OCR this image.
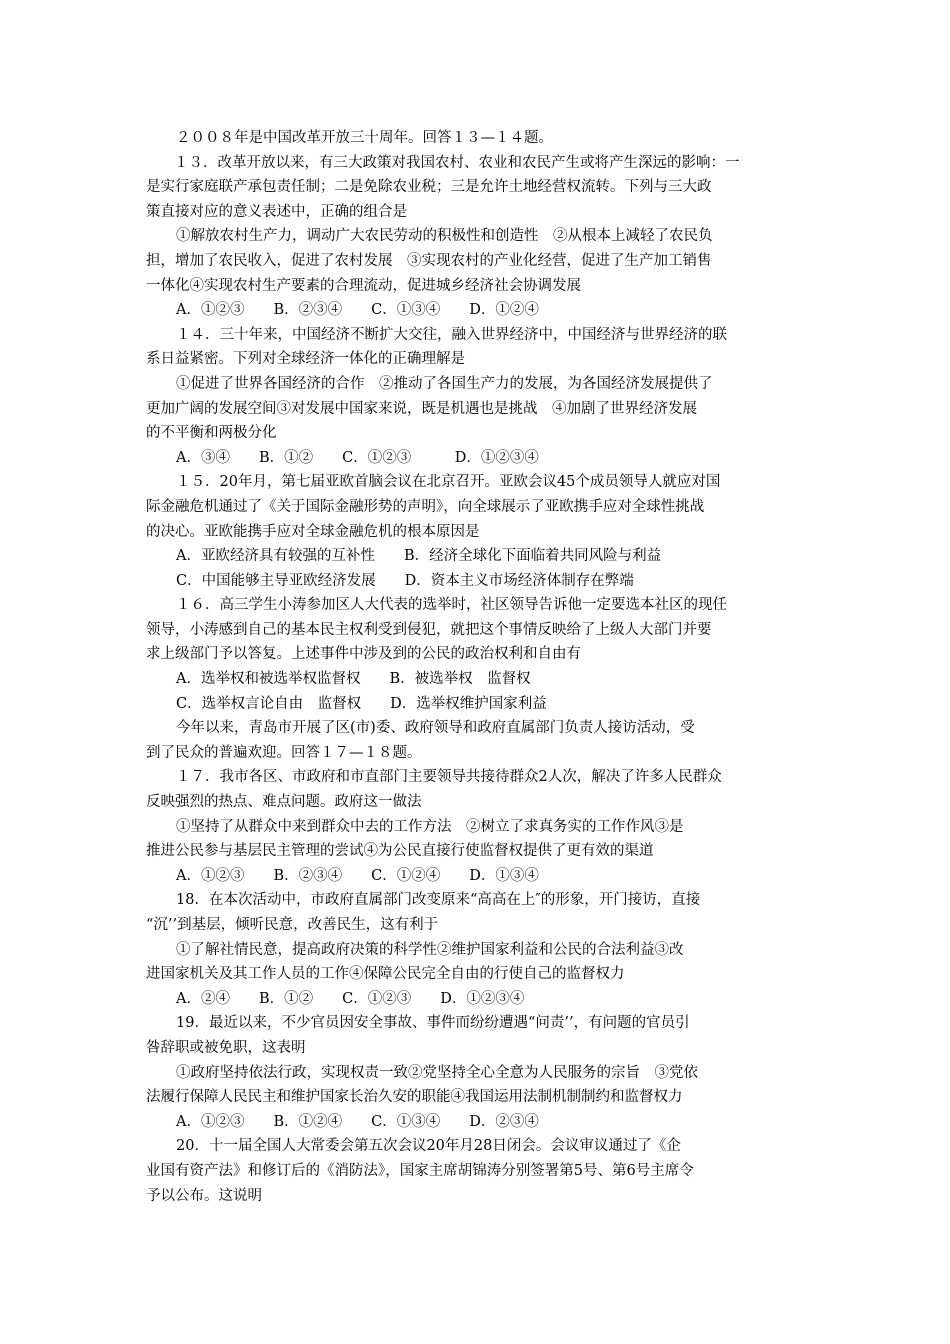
２００８年是中国改革开放三十周年。回答１３—１４题。
１３．改革开放以来，有三大政策对我国农村、农业和农民产生或将产生深远的影响：一
是实行家庭联产承包责任制；二是免除农业税；三是允许土地经营权流转。下列与三大政
策直接对应的意义表述中，正确的组合是
①解放农村生产力，调动广大农民劳动的积极性和创造性　②从根本上减轻了农民负
担，增加了农民收入，促进了农村发展　③实现农村的产业化经营，促进了生产加工销售
一体化④实现农村生产要素的合理流动，促进城乡经济社会协调发展
A．①②③　　B．②③④　　C．①③④　　D．①②④
１４．三十年来，中国经济不断扩大交往，融入世界经济中，中国经济与世界经济的联
系日益紧密。下列对全球经济一体化的正确理解是
①促进了世界各国经济的合作　②推动了各国生产力的发展，为各国经济发展提供了
更加广阔的发展空间③对发展中国家来说，既是机遇也是挑战　④加剧了世界经济发展
的不平衡和两极分化
A．③④　　B．①②　　C．①②③　　　D．①②③④
１５．20年月，第七届亚欧首脑会议在北京召开。亚欧会议45个成员领导人就应对国
际金融危机通过了《关于国际金融形势的声明》，向全球展示了亚欧携手应对全球性挑战
的决心。亚欧能携手应对全球金融危机的根本原因是
A．亚欧经济具有较强的互补性　　B．经济全球化下面临着共同风险与利益
C．中国能够主导亚欧经济发展　　D．资本主义市场经济体制存在弊端
１６．高三学生小涛参加区人大代表的选举时，社区领导告诉他一定要选本社区的现任
领导，小涛感到自己的基本民主权利受到侵犯，就把这个事情反映给了上级人大部门并要
求上级部门予以答复。上述事件中涉及到的公民的政治权利和自由有
A．选举权和被选举权监督权　　B．被选举权　监督权
C．选举权言论自由　监督权　　D．选举权维护国家利益
今年以来，青岛市开展了区(市)委、政府领导和政府直属部门负责人接访活动，受
到了民众的普遍欢迎。回答１７—１８题。
１７．我市各区、市政府和市直部门主要领导共接待群众2人次，解决了许多人民群众
反映强烈的热点、难点问题。政府这一做法
①坚持了从群众中来到群众中去的工作方法　②树立了求真务实的工作作风③是
推进公民参与基层民主管理的尝试④为公民直接行使监督权提供了更有效的渠道
A．①②③　　B．②③④　　C．①②④　　D．①③④
18．在本次活动中，市政府直属部门改变原来“高高在上″的形象，开门接访，直接
“沉’’到基层，倾听民意，改善民生，这有利于
①了解社情民意，提高政府决策的科学性②维护国家利益和公民的合法利益③改
进国家机关及其工作人员的工作④保障公民完全自由的行使自己的监督权力
A．②④　　B．①②　　C．①②③　　D．①②③④
19．最近以来，不少官员因安全事故、事件而纷纷遭遇“问责’’，有问题的官员引
咎辞职或被免职，这表明
①政府坚持依法行政，实现权责一致②党坚持全心全意为人民服务的宗旨　③党依
法履行保障人民民主和维护国家长治久安的职能④我国运用法制机制制约和监督权力
A．①②③　　B．①②④　　C．①③④　　D．②③④
20．十一届全国人大常委会第五次会议20年月28日闭会。会议审议通过了《企
业国有资产法》和修订后的《消防法》，国家主席胡锦涛分别签署第5号、第6号主席令
予以公布。这说明
